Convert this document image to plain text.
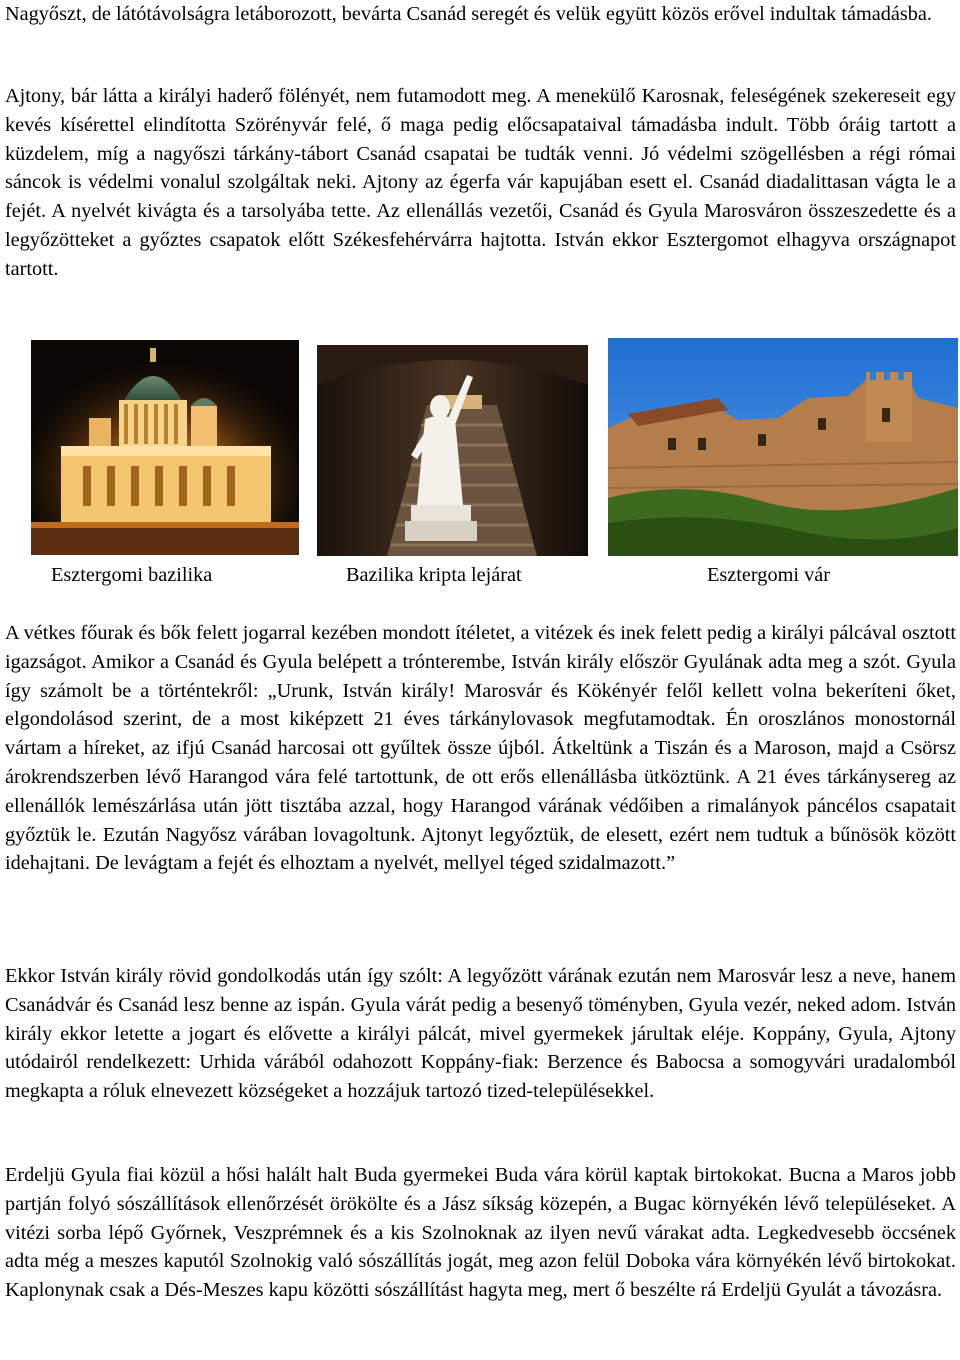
Nagyőszt, de látótávolságra letáborozott, bevárta Csanád seregét és velük együtt közös erővel indultak támadásba.

Ajtony, bár látta a királyi haderő fölényét, nem futamodott meg. A menekülő Karosnak, feleségének szekereseit egy kevés kísérettel elindította Szörényvár felé, ő maga pedig előcsapataival támadásba indult. Több óráig tartott a küzdelem, míg a nagyőszi tárkány-tábort Csanád csapatai be tudták venni. Jó védelmi szögellésben a régi római sáncok is védelmi vonalul szolgáltak neki. Ajtony az égerfa vár kapujában esett el. Csanád diadalittasan vágta le a fejét. A nyelvét kivágta és a tarsolyába tette. Az ellenállás vezetői, Csanád és Gyula Marosváron összeszedette és a legyőzötteket a győztes csapatok előtt Székesfehérvárra hajtotta. István ekkor Esztergomot elhagyva országnapot tartott.

Esztergomi bazilika	Bazilika kripta lejárat	Esztergomi vár

A vétkes főurak és bők felett jogarral kezében mondott ítéletet, a vitézek és inek felett pedig a királyi pálcával osztott igazságot. Amikor a Csanád és Gyula belépett a trónterembe, István király először Gyulának adta meg a szót. Gyula így számolt be a történtekről: „Urunk, István király! Marosvár és Kökényér felől kellett volna bekeríteni őket, elgondolásod szerint, de a most kiképzett 21 éves tárkánylovasok megfutamodtak. Én oroszlános monostornál vártam a híreket, az ifjú Csanád harcosai ott gyűltek össze újból. Átkeltünk a Tiszán és a Maroson, majd a Csörsz árokrendszerben lévő Harangod vára felé tartottunk, de ott erős ellenállásba ütköztünk. A 21 éves tárkánysereg az ellenállók lemészárlása után jött tisztába azzal, hogy Harangod várának védőiben a rimalányok páncélos csapatait győztük le. Ezután Nagyősz várában lovagoltunk. Ajtonyt legyőztük, de elesett, ezért nem tudtuk a bűnösök között idehajtani. De levágtam a fejét és elhoztam a nyelvét, mellyel téged szidalmazott.”

Ekkor István király rövid gondolkodás után így szólt: A legyőzött várának ezután nem Marosvár lesz a neve, hanem Csanádvár és Csanád lesz benne az ispán. Gyula várát pedig a besenyő töményben, Gyula vezér, neked adom. István király ekkor letette a jogart és elővette a királyi pálcát, mivel gyermekek járultak eléje. Koppány, Gyula, Ajtony utódairól rendelkezett: Urhida várából odahozott Koppány-fiak: Berzence és Babocsa a somogyvári uradalomból megkapta a róluk elnevezett községeket a hozzájuk tartozó tized-településekkel.

Erdeljü Gyula fiai közül a hősi halált halt Buda gyermekei Buda vára körül kaptak birtokokat. Bucna a Maros jobb partján folyó sószállítások ellenőrzését örökölte és a Jász síkság közepén, a Bugac környékén lévő településeket. A vitézi sorba lépő Győrnek, Veszprémnek és a kis Szolnoknak az ilyen nevű várakat adta. Legkedvesebb öccsének adta még a meszes kaputól Szolnokig való sószállítás jogát, meg azon felül Doboka vára környékén lévő birtokokat. Kaplonynak csak a Dés-Meszes kapu közötti sószállítást hagyta meg, mert ő beszélte rá Erdeljü Gyulát a távozásra.
